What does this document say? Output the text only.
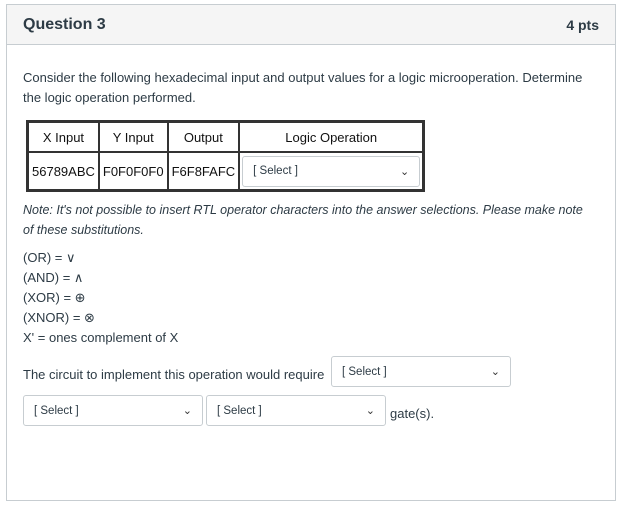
Question 3	4 pts
Consider the following hexadecimal input and output values for a logic microoperation. Determine the logic operation performed.
X Input	Y Input	Output	Logic Operation
56789ABC	F0F0F0F0	F6F8FAFC	[ Select ] ⌄
Note: It's not possible to insert RTL operator characters into the answer selections. Please make note of these substitutions.
(OR) = ∨
(AND) = ∧
(XOR) = ⊕
(XNOR) = ⊗
X' = ones complement of X
The circuit to implement this operation would require [ Select ]	⌄
[ Select ]	⌄ [ Select ]	⌄ gate(s).
